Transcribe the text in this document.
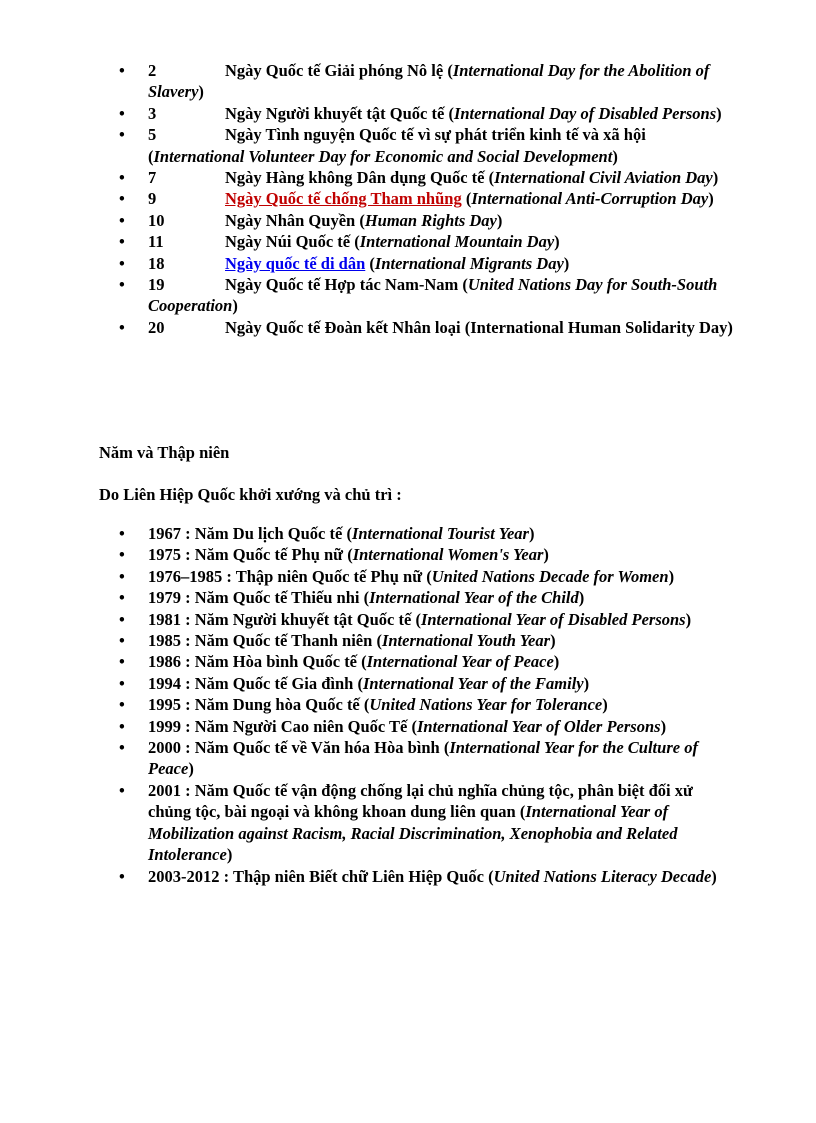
• 2	Ngày Quốc tế Giải phóng Nô lệ (International Day for the Abolition of Slavery)
• 3	Ngày Người khuyết tật Quốc tế (International Day of Disabled Persons)
• 5	Ngày Tình nguyện Quốc tế vì sự phát triển kinh tế và xã hội (International Volunteer Day for Economic and Social Development)
• 7	Ngày Hàng không Dân dụng Quốc tế (International Civil Aviation Day)
• 9	Ngày Quốc tế chống Tham nhũng (International Anti-Corruption Day)
• 10	Ngày Nhân Quyền (Human Rights Day)
• 11	Ngày Núi Quốc tế (International Mountain Day)
• 18	Ngày quốc tế di dân (International Migrants Day)
• 19	Ngày Quốc tế Hợp tác Nam-Nam (United Nations Day for South-South Cooperation)
• 20	Ngày Quốc tế Đoàn kết Nhân loại (International Human Solidarity Day)
Năm và Thập niên
Do Liên Hiệp Quốc khởi xướng và chủ trì :
• 1967 : Năm Du lịch Quốc tế (International Tourist Year)
• 1975 : Năm Quốc tế Phụ nữ (International Women's Year)
• 1976–1985 : Thập niên Quốc tế Phụ nữ (United Nations Decade for Women)
• 1979 : Năm Quốc tế Thiếu nhi (International Year of the Child)
• 1981 : Năm Người khuyết tật Quốc tế (International Year of Disabled Persons)
• 1985 : Năm Quốc tế Thanh niên (International Youth Year)
• 1986 : Năm Hòa bình Quốc tế (International Year of Peace)
• 1994 : Năm Quốc tế Gia đình (International Year of the Family)
• 1995 : Năm Dung hòa Quốc tế (United Nations Year for Tolerance)
• 1999 : Năm Người Cao niên Quốc Tế (International Year of Older Persons)
• 2000 : Năm Quốc tế về Văn hóa Hòa bình (International Year for the Culture of Peace)
• 2001 : Năm Quốc tế vận động chống lại chủ nghĩa chủng tộc, phân biệt đối xử chủng tộc, bài ngoại và không khoan dung liên quan (International Year of Mobilization against Racism, Racial Discrimination, Xenophobia and Related Intolerance)
• 2003-2012 : Thập niên Biết chữ Liên Hiệp Quốc (United Nations Literacy Decade)
